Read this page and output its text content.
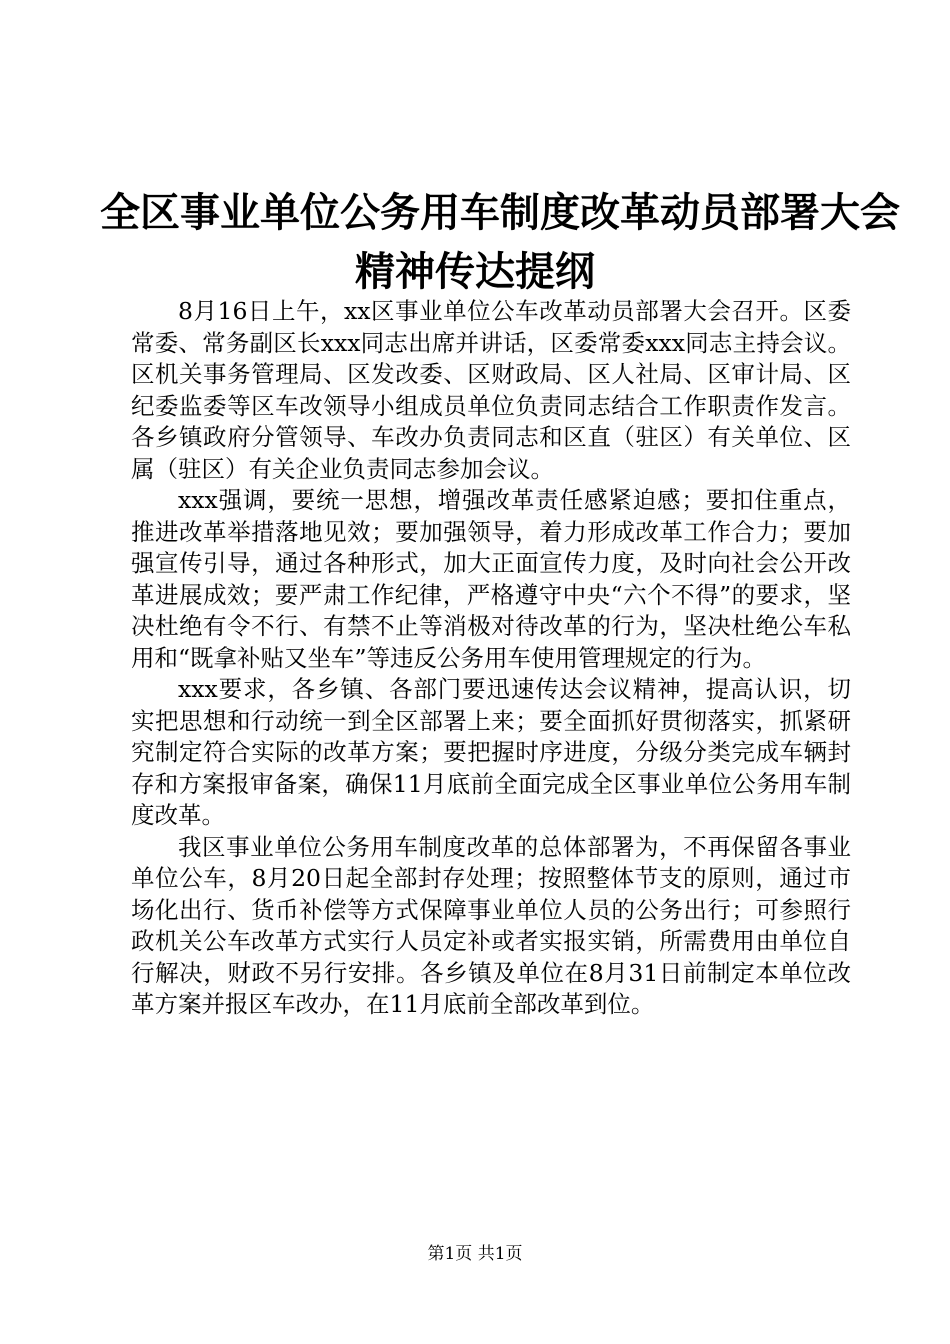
全区事业单位公务用车制度改革动员部署大会
精神传达提纲

8月16日上午，xx区事业单位公车改革动员部署大会召开。区委常委、常务副区长xxx同志出席并讲话，区委常委xxx同志主持会议。区机关事务管理局、区发改委、区财政局、区人社局、区审计局、区纪委监委等区车改领导小组成员单位负责同志结合工作职责作发言。各乡镇政府分管领导、车改办负责同志和区直（驻区）有关单位、区属（驻区）有关企业负责同志参加会议。

xxx强调，要统一思想，增强改革责任感紧迫感；要扣住重点，推进改革举措落地见效；要加强领导，着力形成改革工作合力；要加强宣传引导，通过各种形式，加大正面宣传力度，及时向社会公开改革进展成效；要严肃工作纪律，严格遵守中央“六个不得”的要求，坚决杜绝有令不行、有禁不止等消极对待改革的行为，坚决杜绝公车私用和“既拿补贴又坐车”等违反公务用车使用管理规定的行为。

xxx要求，各乡镇、各部门要迅速传达会议精神，提高认识，切实把思想和行动统一到全区部署上来；要全面抓好贯彻落实，抓紧研究制定符合实际的改革方案；要把握时序进度，分级分类完成车辆封存和方案报审备案，确保11月底前全面完成全区事业单位公务用车制度改革。

我区事业单位公务用车制度改革的总体部署为，不再保留各事业单位公车，8月20日起全部封存处理；按照整体节支的原则，通过市场化出行、货币补偿等方式保障事业单位人员的公务出行；可参照行政机关公车改革方式实行人员定补或者实报实销，所需费用由单位自行解决，财政不另行安排。各乡镇及单位在8月31日前制定本单位改革方案并报区车改办，在11月底前全部改革到位。

第1页 共1页
